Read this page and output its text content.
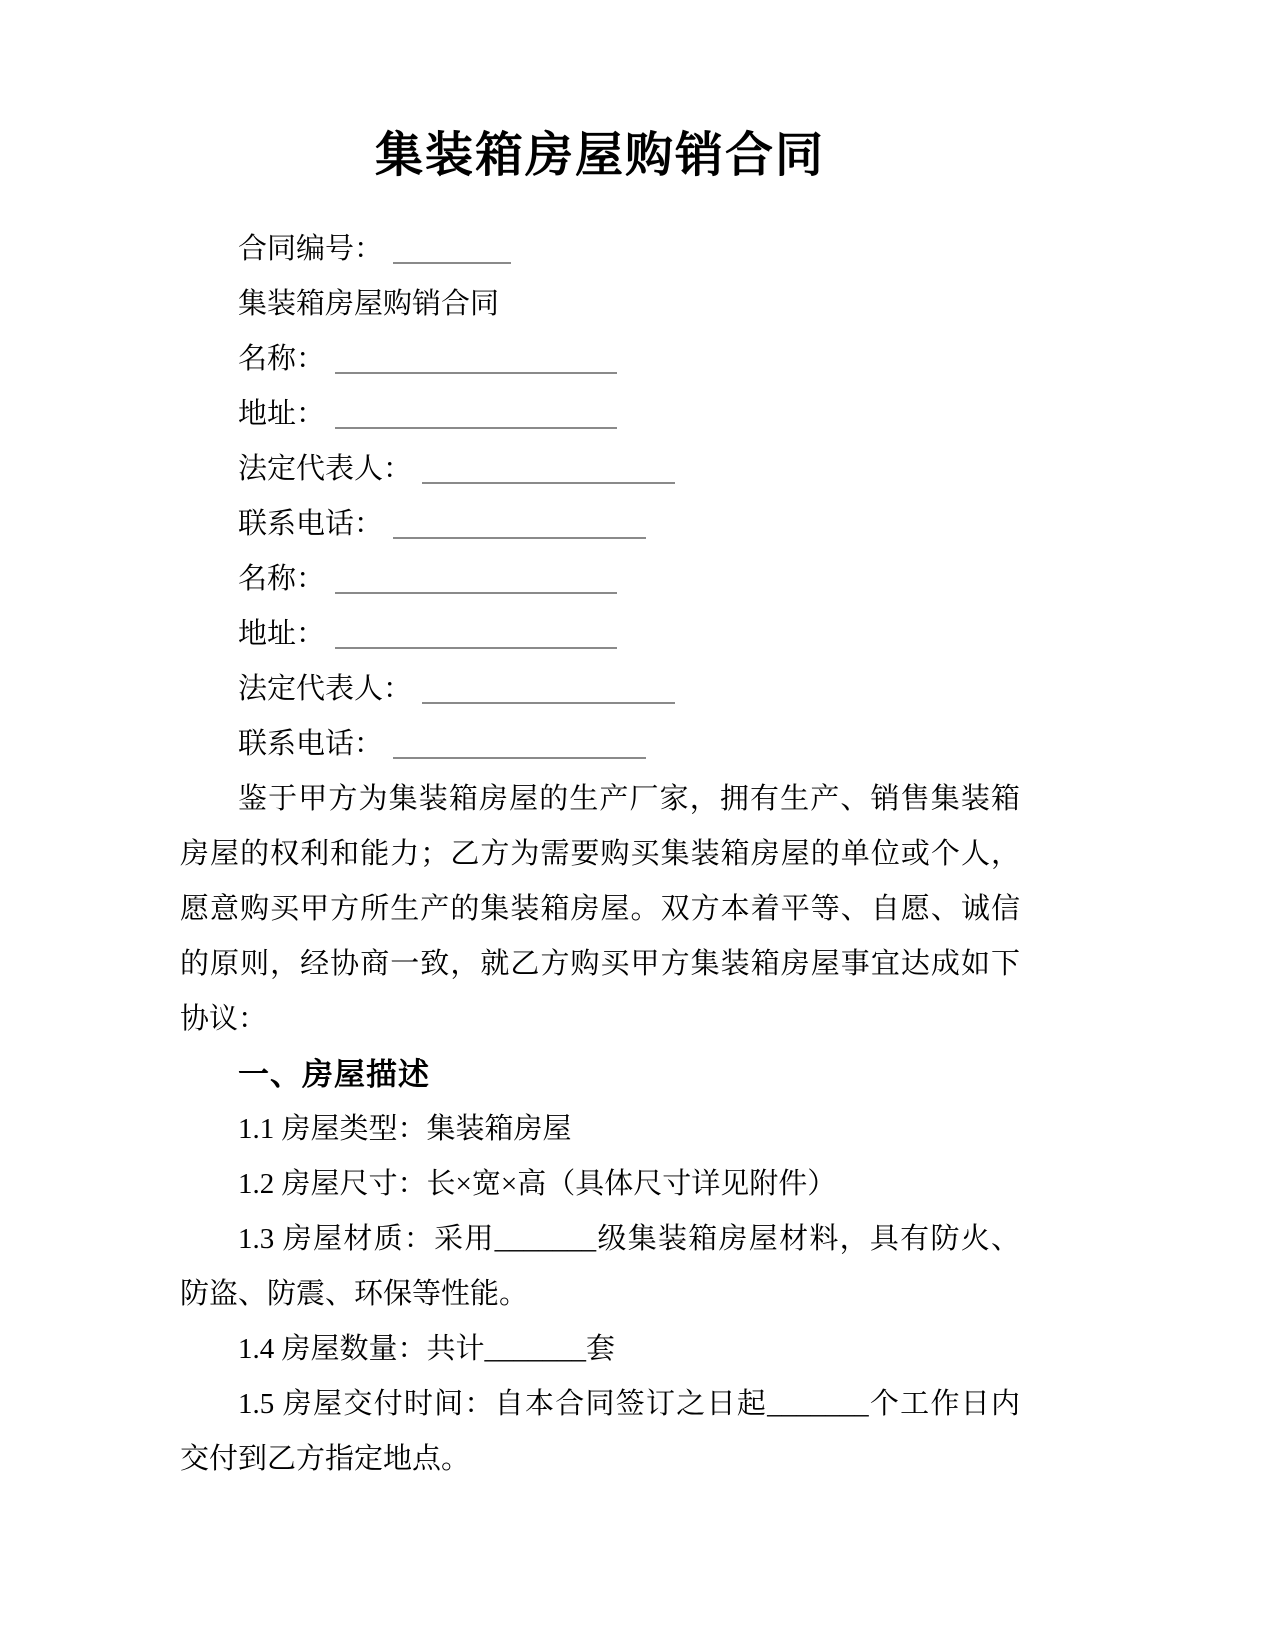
集装箱房屋购销合同
合同编号：
集装箱房屋购销合同
名称：
地址：
法定代表人：
联系电话：
名称：
地址：
法定代表人：
联系电话：

鉴于甲方为集装箱房屋的生产厂家，拥有生产、销售集装箱房屋的权利和能力；乙方为需要购买集装箱房屋的单位或个人，愿意购买甲方所生产的集装箱房屋。双方本着平等、自愿、诚信的原则，经协商一致，就乙方购买甲方集装箱房屋事宜达成如下协议：

一、房屋描述

1.1 房屋类型：集装箱房屋

1.2 房屋尺寸：长×宽×高（具体尺寸详见附件）

1.3 房屋材质：采用_______级集装箱房屋材料，具有防火、防盗、防震、环保等性能。

1.4 房屋数量：共计_______套

1.5 房屋交付时间：自本合同签订之日起_______个工作日内交付到乙方指定地点。
